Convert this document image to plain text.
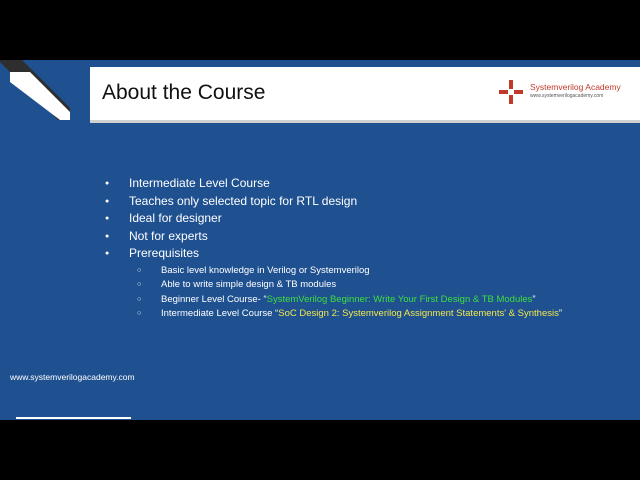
About the Course	Systemverilog Academy
www.systemverilogacademy.com
● Intermediate Level Course
● Teaches only selected topic for RTL design
● Ideal for designer
● Not for experts
● Prerequisites
○ Basic level knowledge in Verilog or Systemverilog
○ Able to write simple design & TB modules
○ Beginner Level Course- “SystemVerilog Beginner: Write Your First Design & TB Modules”
○ Intermediate Level Course “SoC Design 2: Systemverilog Assignment Statements' & Synthesis”
www.systemverilogacademy.com
